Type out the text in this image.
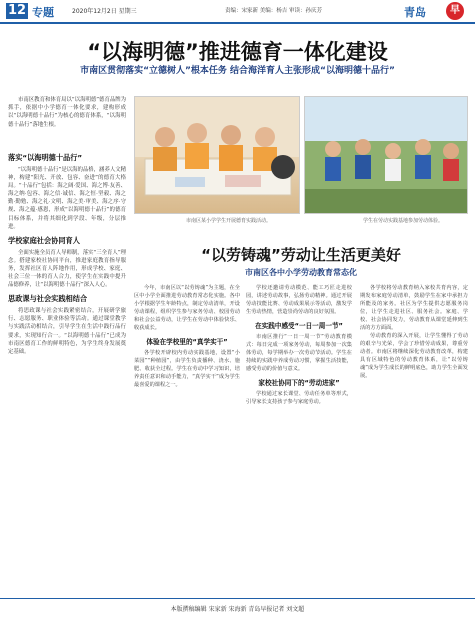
12 专题	2020年12月2日 星期三	责编：宋家新 美编：杨吉 审读：孙庆芳	青岛	早
“以海明德”推进德育一体化建设
市南区贯彻落实“立德树人”根本任务 结合海洋育人主张形成“以海明德十品行”
市南区教育和体育局以“以海明德”德育品牌为抓手，依据中小学德育一体化要求，建构形成以“以海明德十品行”为核心的德育体系，“以海明德十品行”落地生根。
落实“以海明德十品行”
“以海明德十品行”是以海的品格，涵养人文精神，构建“阳光、开放、包容、奋进”的德育大格局。“十品行”包括：海之阔·爱国、海之博·友善、海之纳·包容、海之信·诚信、海之恒·坚毅、海之勤·勤勉、海之礼·文明、海之美·审美、海之序·守规、海之蕴·感恩，形成“以海明德十品行”的德育目标体系，并将其细化到学段、年级，分层推进。
学校家庭社会协同育人
全面实施全员育人导师制，落实“三全育人”理念。搭建家校社协同平台，推进家庭教育指导服务，发挥社区育人阵地作用，形成学校、家庭、社会三位一体的育人合力，使学生在实践中提升品德修养，让“以海明德十品行”深入人心。
思政课与社会实践相结合
将思政课与社会实践紧密结合，开展研学旅行、志愿服务、职业体验等活动。通过课堂教学与实践活动相结合，引导学生在生活中践行品行要求，实现知行合一。“以海明德十品行”已成为市南区德育工作的鲜明特色，为学生终身发展奠定基础。
市南区某小学学生开展德育实践活动。	学生在劳动实践基地参加劳动体验。
“以劳铸魂”劳动让生活更美好
市南区各中小学劳动教育常态化
今年，市南区以“以劳铸魂”为主题，在全区中小学全面推进劳动教育常态化实施。各中小学根据学生年龄特点，制定劳动清单，开设劳动课程，组织学生参与家务劳动、校园劳动和社会公益劳动，让学生在劳动中体验快乐、收获成长。
体验在学校里的“真学实干”
各学校开辟校内劳动实践基地，设置“小菜园”“种植园”，由学生负责播种、浇水、施肥、收获全过程。学生在劳动中学习知识，培养责任意识和动手能力，“真学实干”成为学生最喜爱的课程之一。
学校还邀请劳动模范、能工巧匠走进校园，讲述劳动故事，弘扬劳动精神。通过开展劳动技能比赛、劳动成果展示等活动，激发学生劳动热情，营造崇尚劳动的良好氛围。
在实践中感受“一日一周一节”
市南区推行“一日一周一节”劳动教育模式：每日完成一项家务劳动，每周参加一次集体劳动，每学期举办一次劳动节活动。学生在持续的实践中养成劳动习惯，掌握生活技能，感受劳动的价值与意义。
家校社协同下的“劳动进家”
学校通过家长课堂、劳动任务单等形式，引导家长支持孩子参与家庭劳动。
各学校将劳动教育纳入家校共育内容，定期发布家庭劳动清单，鼓励学生在家中承担力所能及的家务。社区为学生提供志愿服务岗位，让学生走进社区、服务社会。家庭、学校、社会协同发力，劳动教育从课堂延伸到生活的方方面面。
劳动教育的深入开展，让学生懂得了劳动的艰辛与光荣，学会了珍惜劳动成果，尊重劳动者。市南区将继续深化劳动教育改革，构建具有区域特色的劳动教育体系，让“以劳铸魂”成为学生成长的鲜明底色，助力学生全面发展。
本版撰稿编辑 宋家新 宋海新 青岛早报记者 刘文超
